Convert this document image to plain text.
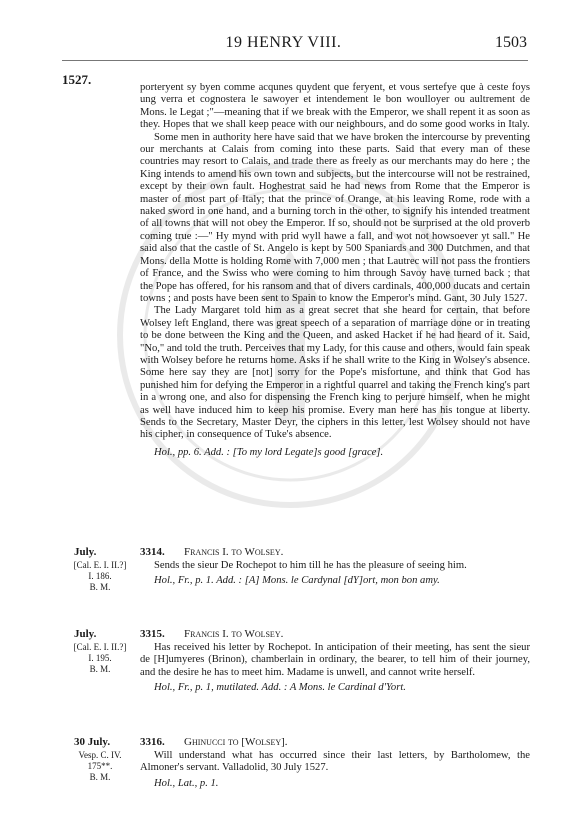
19 HENRY VIII.	1503
1527.

porteryent sy byen comme acqunes quydent que feryent, et vous sertefye que à ceste foys ung verra et cognostera le sawoyer et intendement le bon woulloyer ou aultrement de Mons. le Legat ;"—meaning that if we break with the Emperor, we shall repent it as soon as they. Hopes that we shall keep peace with our neighbours, and do some good works in Italy.

Some men in authority here have said that we have broken the intercourse by preventing our merchants at Calais from coming into these parts. Said that every man of these countries may resort to Calais, and trade there as freely as our merchants may do here ; the King intends to amend his own town and subjects, but the intercourse will not be restrained, except by their own fault. Hoghestrat said he had news from Rome that the Emperor is master of most part of Italy; that the prince of Orange, at his leaving Rome, rode with a naked sword in one hand, and a burning torch in the other, to signify his intended treatment of all towns that will not obey the Emperor. If so, should not be surprised at the old proverb coming true :—" Hy mynd with prid wyll hawe a fall, and wot not howsoever yt sall." He said also that the castle of St. Angelo is kept by 500 Spaniards and 300 Dutchmen, and that Mons. della Motte is holding Rome with 7,000 men ; that Lautrec will not pass the frontiers of France, and the Swiss who were coming to him through Savoy have turned back ; that the Pope has offered, for his ransom and that of divers cardinals, 400,000 ducats and certain towns ; and posts have been sent to Spain to know the Emperor's mind. Gant, 30 July 1527.

The Lady Margaret told him as a great secret that she heard for certain, that before Wolsey left England, there was great speech of a separation of marriage done or in treating to be done between the King and the Queen, and asked Hacket if he had heard of it. Said, "No," and told the truth. Perceives that my Lady, for this cause and others, would fain speak with Wolsey before he returns home. Asks if he shall write to the King in Wolsey's absence. Some here say they are [not] sorry for the Pope's misfortune, and think that God has punished him for defying the Emperor in a rightful quarrel and taking the French king's part in a wrong one, and also for dispensing the French king to perjure himself, when he might as well have induced him to keep his promise. Every man here has his tongue at liberty. Sends to the Secretary, Master Deyr, the ciphers in this letter, lest Wolsey should not have his cipher, in consequence of Tuke's absence.

Hol., pp. 6. Add. : [To my lord Legate]s good [grace].

July.
[Cal. E. I. II.?]
I. 186.
B. M.
3314. Francis I. to Wolsey.

Sends the sieur De Rochepot to him till he has the pleasure of seeing him.

Hol., Fr., p. 1. Add. : [A] Mons. le Cardynal [dY]ort, mon bon amy.

July.
[Cal. E. I. II.?]
I. 195.
B. M.
3315. Francis I. to Wolsey.

Has received his letter by Rochepot. In anticipation of their meeting, has sent the sieur de [H]umyeres (Brinon), chamberlain in ordinary, the bearer, to tell him of their journey, and the desire he has to meet him. Madame is unwell, and cannot write herself.

Hol., Fr., p. 1, mutilated. Add. : A Mons. le Cardinal d'Yort.

30 July.
Vesp. C. IV.
175**.
B. M.
3316. Ghinucci to [Wolsey].

Will understand what has occurred since their last letters, by Bartholomew, the Almoner's servant. Valladolid, 30 July 1527.

Hol., Lat., p. 1.
